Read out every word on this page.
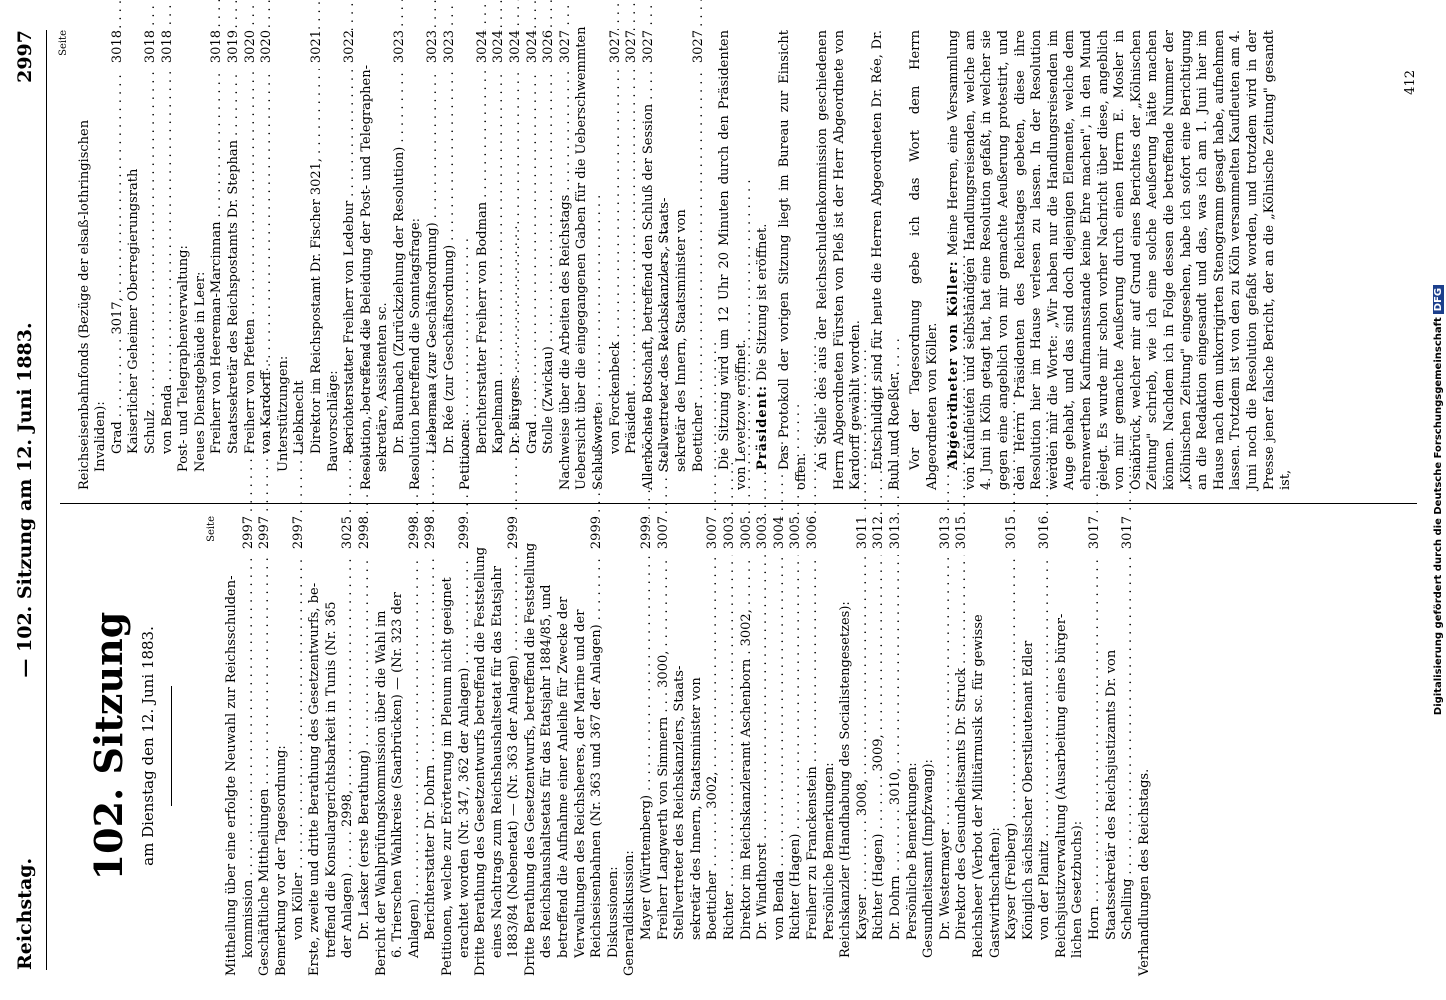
Reichstag.
— 102. Sitzung am 12. Juni 1883.
2997
102. Sitzung am Dienstag den 12. Juni 1883.
Seite
Mittheilung über eine erfolgte Neuwahl zur Reichsschulden- kommission . . .
2997
Geschäftliche Mittheilungen . . .
2997
Bemerkung vor der Tagesordnung: von Köller . . .
2997
Erste, zweite und dritte Berathung des Gesetzentwurfs, be- treffend die Konsulargerichtsbarkeit in Tunis (Nr. 365 der Anlagen) . . . . . 2998, . . .
3025
Dr. Lasker (erste Berathung) . . .
2998
Bericht der Wahlprüfungskommission über die Wahl im 6. Trierschen Wahlkreise (Saarbrücken) — (Nr. 323 der Anlagen) . . .
2998
Berichterstatter Dr. Dohrn . . .
2998
Petitionen, welche zur Erörterung im Plenum nicht geeignet erachtet worden (Nr. 347, 362 der Anlagen) . . .
2999
Dritte Berathung des Gesetzentwurfs betreffend die Feststellung eines Nachtrags zum Reichshaushaltsetat für das Etatsjahr 1883/84 (Nebenetat) — (Nr. 363 der Anlagen) . . .
2999
Dritte Berathung des Gesetzentwurfs, betreffend die Feststellung des Reichshaushaltsetats für das Etatsjahr 1884/85, und betreffend die Aufnahme einer Anleihe für Zwecke der Verwaltungen des Reichsheeres, der Marine und der Reichseisenbahnen (Nr. 363 und 367 der Anlagen) . . .
2999
Diskussionen: Generaldiskussion: Mayer (Württemberg) . . .
2999
Freiherr Langwerth von Simmern . . . 3000, . . .
3007
Stellvertreter des Reichskanzlers, Staats- sekretär des Innern, Staatsminister von Boetticher . . . . . . . 3002, . . .
3007
Richter . . .
3003
Direktor im Reichskanzleramt Aschenborn . 3002, . . .
3005
Dr. Windthorst . . .
3003
von Benda . . .
3004
Richter (Hagen) . . .
3005
Freiherr zu Franckenstein . . .
3006
Persönliche Bemerkungen: Reichskanzler (Handhabung des Socialistengesetzes): Kayser . . . . . . . . . 3008, . . .
3011
Richter (Hagen) . . . . . . . 3009, . . .
3012
Dr. Dohrn . . . . . . . . 3010, . . .
3013
Persönliche Bemerkungen: Gesundheitsamt (Impfzwang): Dr. Westermayer . . .
3013
Direktor des Gesundheitsamts Dr. Struck . . .
3015
Reichsheer (Verbot der Militärmusik sc. für gewisse Gastwirthschaften): Kayser (Freiberg) . . .
3015
Königlich sächsischer Oberstlieutenant Edler von der Planitz . . .
3016
Reichsjustizverwaltung (Ausarbeitung eines bürger- lichen Gesetzbuchs): Horn . . .
3017
Staatssekretär des Reichsjustizamts Dr. von Schelling . . .
3017
Verhandlungen des Reichstags.
Seite
Reichseisenbahnfonds (Bezüge der elsaß-lothringischen Invaliden): Grad . . . . . . . . . . 3017, . . .
3018
Kaiserlicher Geheimer Oberregierungsrath Schulz . . .
3018
von Benda . . .
3018
Post- und Telegraphenverwaltung: Neues Dienstgebäude in Leer: Freiherr von Heereman-Marcinnan . . .
3018
Staatssekretär des Reichspostamts Dr. Stephan . . .
3019
Freiherr von Pfetten . . .
3020
von Kardorff . . .
3020
Unterstützungen: Liebknecht Direktor im Reichspostamt Dr. Fischer 3021, . . .
3021
Bauvorschläge: Berichterstatter Freiherr von Ledebur . . .
3022
Resolution, betreffend die Beleidung der Post- und Telegraphen- sekretäre, Assistenten sc. Dr. Baumbach (Zurückziehung der Resolution) . . .
3023
Resolution betreffend die Sonntagsfrage: Lieberman (zur Geschäftsordnung) . . .
3023
Dr. Rée (zur Geschäftsordnung) . . .
3023
Petitionen:
Berichterstatter Freiherr von Bodman . . .
3024
Kapelmann . . .
3024
Dr. Bürgers . . .
3024
Grad . . .
3024
Stolle (Zwickau) . . .
3026
Nachweise über die Arbeiten des Reichstags . . .
3027 Uebersicht über die eingegangenen Gaben für die Ueberschwemmten Schlußworte: von Forckenbeck . . .
3027
Präsident . . .
3027
Allerhöchste Botschaft, betreffend den Schluß der Session . . .
3027
Stellvertreter des Reichskanzlers, Staats- sekretär des Innern, Staatsminister von Boetticher . . .
3027 Die Sitzung wird um 12 Uhr 20 Minuten durch den Präsidenten von Levetzow eröffnet. Präsident: Die Sitzung ist eröffnet. Das Protokoll der vorigen Sitzung liegt im Bureau zur Einsicht offen.

An Stelle des aus der Reichsschuldenkommission geschiedenen Herrn Abgeordneten Fürsten von Pleß ist der Herr Abgeordnete von Kardorff gewählt worden. Entschuldigt sind für heute die Herren Abgeordneten Dr. Rée, Dr. Buhl und Roeßler. Vor der Tagesordnung gebe ich das Wort dem Herrn Abgeordneten von Köller. Abgeordneter von Köller: Meine Herren, eine Versammlung von Kaufleuten und selbständigen Handlungsreisenden, welche am 4. Juni in Köln getagt hat, hat eine Resolution gefaßt, in welcher sie gegen eine angeblich von mir gemachte Aeußerung protestirt, und den Herrn Präsidenten des Reichstages gebeten, diese ihre Resolution hier im Hause verlesen zu lassen. In der Resolution werden mir die Worte: „Wir haben nur die Handlungsreisenden im Auge gehabt, und das sind doch diejenigen Elemente, welche dem ehrenwerthen Kaufmannsstande keine Ehre machen", in den Mund gelegt. Es wurde mir schon vorher Nachricht über diese, angeblich von mir gemachte Aeußerung durch einen Herrn E. Mosler in Osnabrück, welcher mir auf Grund eines Berichtes der „Kölnischen Zeitung" schrieb, wie ich eine solche Aeußerung hätte machen können. Nachdem ich in Folge dessen die betreffende Nummer der „Kölnischen Zeitung" eingesehen, habe ich sofort eine Berichtigung an die Redaktion eingesandt und das, was ich am 1. Juni hier im Hause nach dem unkorrigirten Stenogramm gesagt habe, aufnehmen lassen. Trotzdem ist von den zu Köln versammelten Kaufleuten am 4. Juni noch die Resolution gefaßt worden, und trotzdem wird in der Presse jener falsche Bericht, der an die „Kölnische Zeitung" gesandt ist,

412
Digitalisierung gefördert durch die Deutsche ForschungsgemeinschaftDFG
